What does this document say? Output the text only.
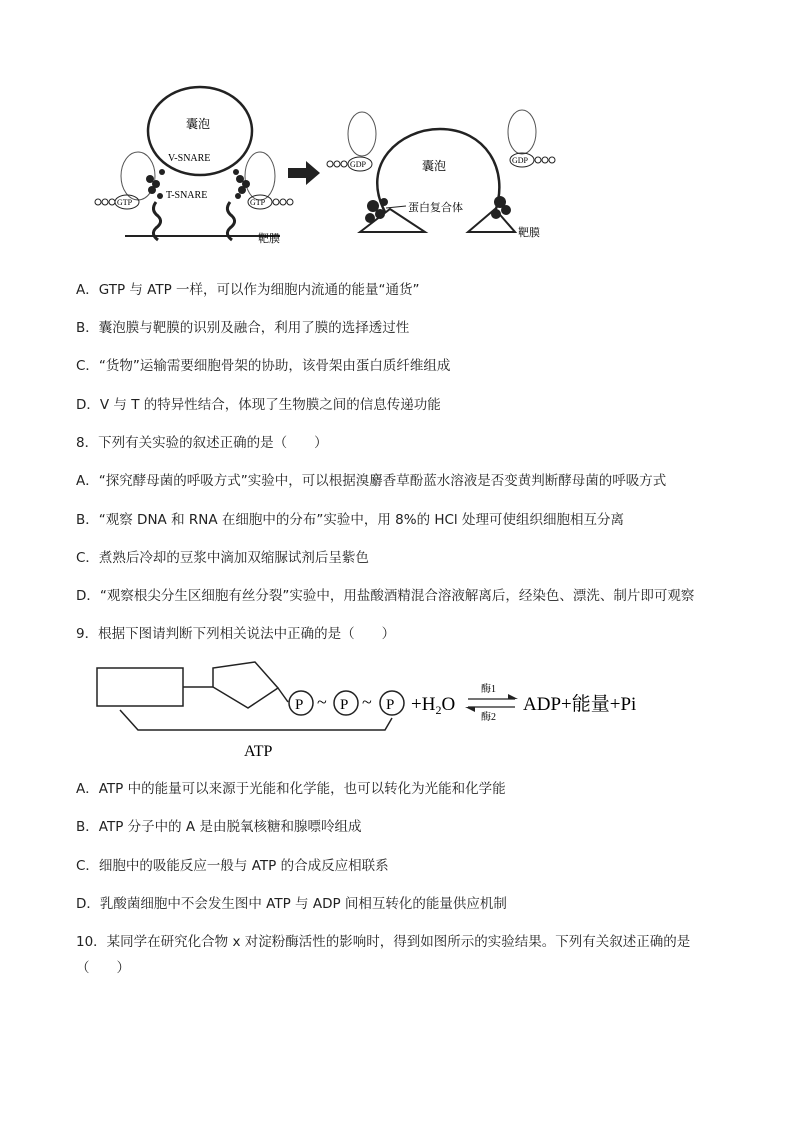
囊泡
V-SNARE
T-SNARE
GTP	GTP
靶膜
囊泡
GDP	GDP
蛋白复合体
靶膜
A．GTP 与 ATP 一样，可以作为细胞内流通的能量“通货”
B．囊泡膜与靶膜的识别及融合，利用了膜的选择透过性
C．“货物”运输需要细胞骨架的协助，该骨架由蛋白质纤维组成
D．V 与 T 的特异性结合，体现了生物膜之间的信息传递功能
8．下列有关实验的叙述正确的是（　　）
A．“探究酵母菌的呼吸方式”实验中，可以根据溴麝香草酚蓝水溶液是否变黄判断酵母菌的呼吸方式
B．“观察 DNA 和 RNA 在细胞中的分布”实验中，用 8%的 HCl 处理可使组织细胞相互分离
C．煮熟后冷却的豆浆中滴加双缩脲试剂后呈紫色
D．“观察根尖分生区细胞有丝分裂”实验中，用盐酸酒精混合溶液解离后，经染色、漂洗、制片即可观察
9．根据下图请判断下列相关说法中正确的是（　　）
P ~ P ~ $P +H_2O$
酶1
酶2
ADP+能量+Pi
ATP
A．ATP 中的能量可以来源于光能和化学能，也可以转化为光能和化学能
B．ATP 分子中的 A 是由脱氧核糖和腺嘌呤组成
C．细胞中的吸能反应一般与 ATP 的合成反应相联系
D．乳酸菌细胞中不会发生图中 ATP 与 ADP 间相互转化的能量供应机制
10．某同学在研究化合物 x 对淀粉酶活性的影响时，得到如图所示的实验结果。下列有关叙述正确的是
（　　）
